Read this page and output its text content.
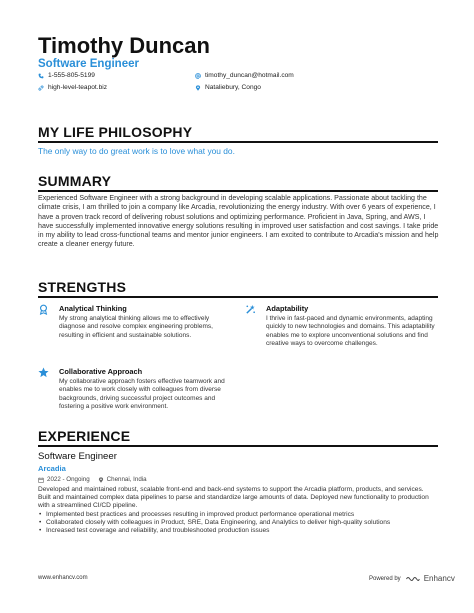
Timothy Duncan
Software Engineer
1-555-805-5199
high-level-teapot.biz
timothy_duncan@hotmail.com
Nataliebury, Congo
MY LIFE PHILOSOPHY
The only way to do great work is to love what you do.
SUMMARY
Experienced Software Engineer with a strong background in developing scalable applications. Passionate about tackling the climate crisis, I am thrilled to join a company like Arcadia, revolutionizing the energy industry. With over 6 years of experience, I have a proven track record of delivering robust solutions and optimizing performance. Proficient in Java, Spring, and AWS, I have successfully implemented innovative energy solutions resulting in improved user satisfaction and cost savings. I take pride in my ability to lead cross-functional teams and mentor junior engineers. I am excited to contribute to Arcadia's mission and help create a cleaner energy future.
STRENGTHS
Analytical Thinking
My strong analytical thinking allows me to effectively diagnose and resolve complex engineering problems, resulting in efficient and sustainable solutions.
Adaptability
I thrive in fast-paced and dynamic environments, adapting quickly to new technologies and domains. This adaptability enables me to explore unconventional solutions and find creative ways to overcome challenges.
Collaborative Approach
My collaborative approach fosters effective teamwork and enables me to work closely with colleagues from diverse backgrounds, driving successful project outcomes and fostering a positive work environment.
EXPERIENCE
Software Engineer
Arcadia
2022 - Ongoing	Chennai, India
Developed and maintained robust, scalable front-end and back-end systems to support the Arcadia platform, products, and services. Built and maintained complex data pipelines to parse and standardize large amounts of data. Deployed new functionality to production with a streamlined CI/CD pipeline.
• Implemented best practices and processes resulting in improved product performance operational metrics
• Collaborated closely with colleagues in Product, SRE, Data Engineering, and Analytics to deliver high-quality solutions
• Increased test coverage and reliability, and troubleshooted production issues
www.enhancv.com	Powered by	Enhancv
